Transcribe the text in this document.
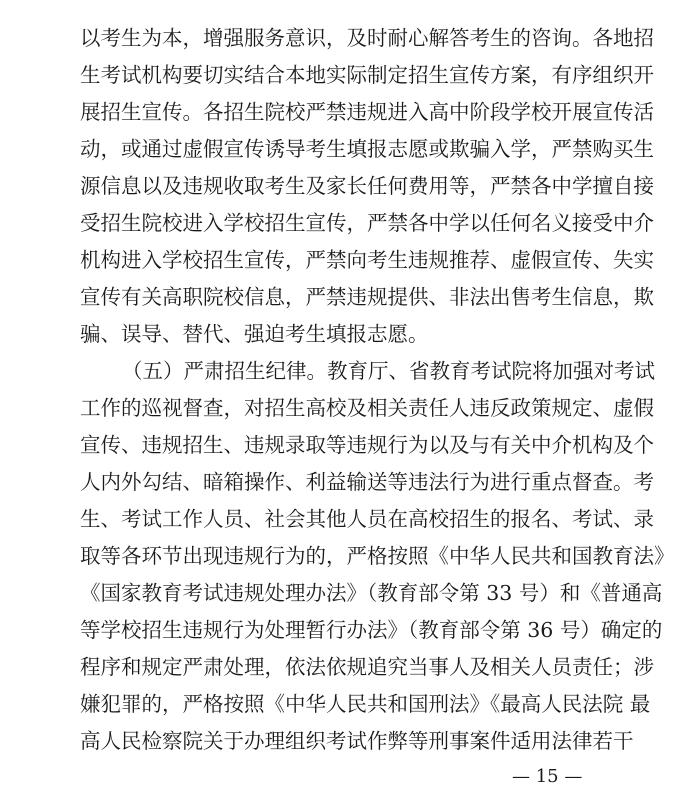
以考生为本，增强服务意识，及时耐心解答考生的咨询。各地招
生考试机构要切实结合本地实际制定招生宣传方案，有序组织开
展招生宣传。各招生院校严禁违规进入高中阶段学校开展宣传活
动，或通过虚假宣传诱导考生填报志愿或欺骗入学，严禁购买生
源信息以及违规收取考生及家长任何费用等，严禁各中学擅自接
受招生院校进入学校招生宣传，严禁各中学以任何名义接受中介
机构进入学校招生宣传，严禁向考生违规推荐、虚假宣传、失实
宣传有关高职院校信息，严禁违规提供、非法出售考生信息，欺
骗、误导、替代、强迫考生填报志愿。
（五）严肃招生纪律。教育厅、省教育考试院将加强对考试
工作的巡视督查，对招生高校及相关责任人违反政策规定、虚假
宣传、违规招生、违规录取等违规行为以及与有关中介机构及个
人内外勾结、暗箱操作、利益输送等违法行为进行重点督查。考
生、考试工作人员、社会其他人员在高校招生的报名、考试、录
取等各环节出现违规行为的，严格按照《中华人民共和国教育法》
《国家教育考试违规处理办法》（教育部令第 33 号）和《普通高
等学校招生违规行为处理暂行办法》（教育部令第 36 号）确定的
程序和规定严肃处理，依法依规追究当事人及相关人员责任；涉
嫌犯罪的，严格按照《中华人民共和国刑法》《最高人民法院 最
高人民检察院关于办理组织考试作弊等刑事案件适用法律若干
— 15 —
